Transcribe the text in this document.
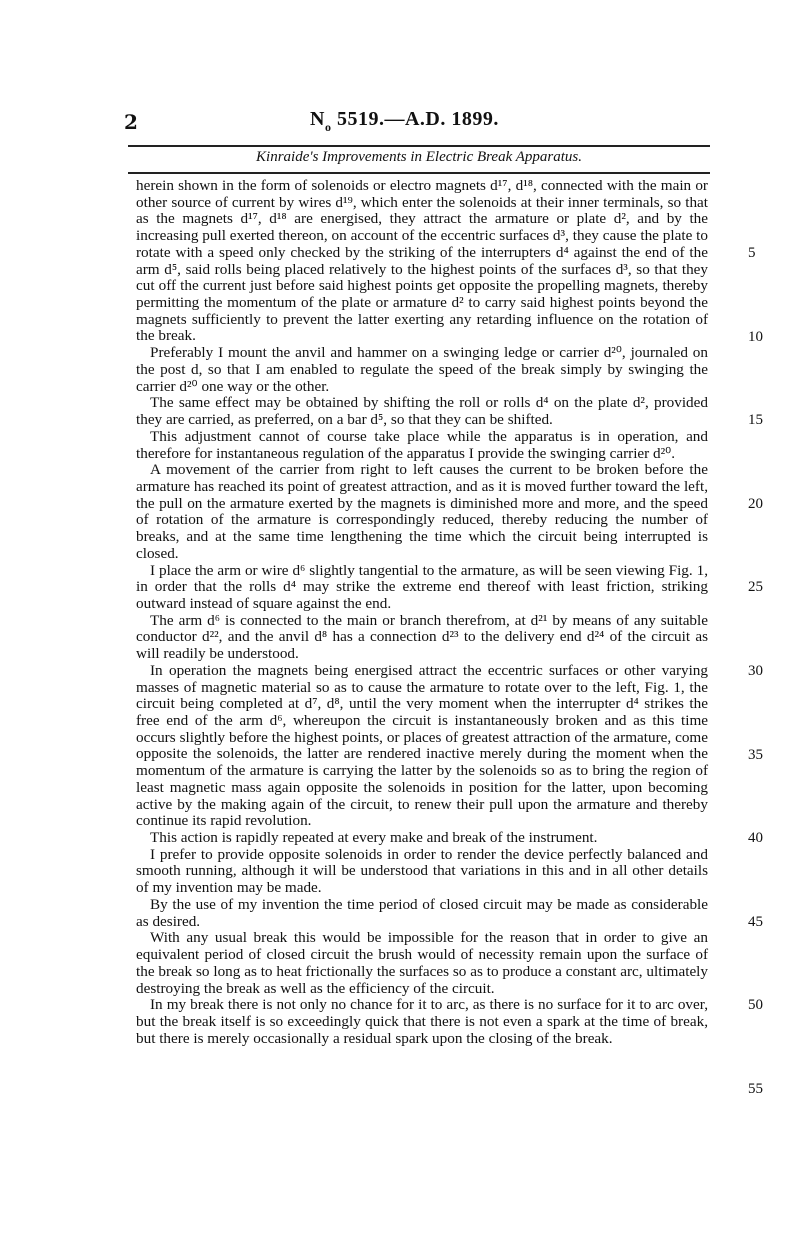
2	$N_o$ 5519.—A.D. 1899.
Kinraide's Improvements in Electric Break Apparatus.

herein shown in the form of solenoids or electro magnets d¹⁷, d¹⁸, connected with the main or other source of current by wires d¹⁹, which enter the solenoids at their inner terminals, so that as the magnets d¹⁷, d¹⁸ are energised, they attract the armature or plate d², and by the increasing pull exerted thereon, on account of the eccentric surfaces d³, they cause the plate to rotate with a speed only checked by the striking of the interrupters d⁴ against the end of the arm d⁵, said rolls being placed relatively to the highest points of the surfaces d³, so that they cut off the current just before said highest points get opposite the propelling magnets, thereby permitting the momentum of the plate or armature d² to carry said highest points beyond the magnets sufficiently to prevent the latter exerting any retarding influence on the rotation of the break.

Preferably I mount the anvil and hammer on a swinging ledge or carrier d²⁰, journaled on the post d, so that I am enabled to regulate the speed of the break simply by swinging the carrier d²⁰ one way or the other.

The same effect may be obtained by shifting the roll or rolls d⁴ on the plate d², provided they are carried, as preferred, on a bar d⁵, so that they can be shifted.

This adjustment cannot of course take place while the apparatus is in operation, and therefore for instantaneous regulation of the apparatus I provide the swinging carrier d²⁰.

A movement of the carrier from right to left causes the current to be broken before the armature has reached its point of greatest attraction, and as it is moved further toward the left, the pull on the armature exerted by the magnets is diminished more and more, and the speed of rotation of the armature is correspondingly reduced, thereby reducing the number of breaks, and at the same time lengthening the time which the circuit being interrupted is closed.

I place the arm or wire d⁶ slightly tangential to the armature, as will be seen viewing Fig. 1, in order that the rolls d⁴ may strike the extreme end thereof with least friction, striking outward instead of square against the end.

The arm d⁶ is connected to the main or branch therefrom, at d²¹ by means of any suitable conductor d²², and the anvil d⁸ has a connection d²³ to the delivery end d²⁴ of the circuit as will readily be understood.

In operation the magnets being energised attract the eccentric surfaces or other varying masses of magnetic material so as to cause the armature to rotate over to the left, Fig. 1, the circuit being completed at d⁷, d⁸, until the very moment when the interrupter d⁴ strikes the free end of the arm d⁶, whereupon the circuit is instantaneously broken and as this time occurs slightly before the highest points, or places of greatest attraction of the armature, come opposite the solenoids, the latter are rendered inactive merely during the moment when the momentum of the armature is carrying the latter by the solenoids so as to bring the region of least magnetic mass again opposite the solenoids in position for the latter, upon becoming active by the making again of the circuit, to renew their pull upon the armature and thereby continue its rapid revolution.

This action is rapidly repeated at every make and break of the instrument.

I prefer to provide opposite solenoids in order to render the device perfectly balanced and smooth running, although it will be understood that variations in this and in all other details of my invention may be made.

By the use of my invention the time period of closed circuit may be made as considerable as desired.

With any usual break this would be impossible for the reason that in order to give an equivalent period of closed circuit the brush would of necessity remain upon the surface of the break so long as to heat frictionally the surfaces so as to produce a constant arc, ultimately destroying the break as well as the efficiency of the circuit.

In my break there is not only no chance for it to arc, as there is no surface for it to arc over, but the break itself is so exceedingly quick that there is not even a spark at the time of break, but there is merely occasionally a residual spark upon the closing of the break.

5
10
15
20
25
30
35
40
45
50
55
